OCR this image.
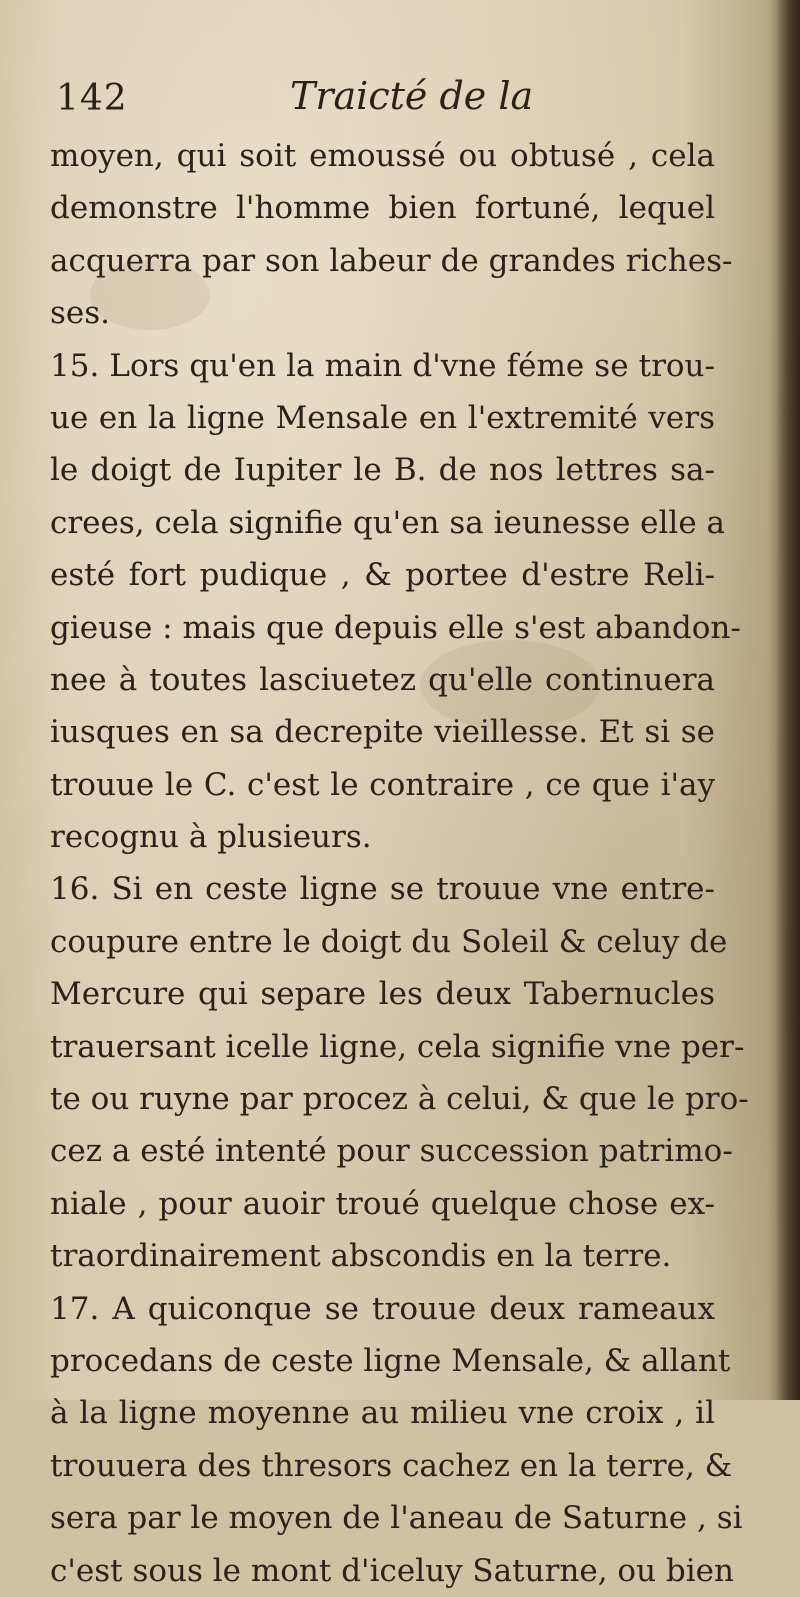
142	Traicté de la
moyen, qui soit emoussé ou obtusé , cela
demonstre l'homme bien fortuné, lequel
acquerra par son labeur de grandes riches-
ses.
15. Lors qu'en la main d'vne féme se trou-
ue en la ligne Mensale en l'extremité vers
le doigt de Iupiter le B. de nos lettres sa-
crees, cela signifie qu'en sa ieunesse elle a
esté fort pudique , & portee d'estre Reli-
gieuse : mais que depuis elle s'est abandon-
nee à toutes lasciuetez qu'elle continuera
iusques en sa decrepite vieillesse. Et si se
trouue le C. c'est le contraire , ce que i'ay
recognu à plusieurs.
16. Si en ceste ligne se trouue vne entre-
coupure entre le doigt du Soleil & celuy de
Mercure qui separe les deux Tabernucles
trauersant icelle ligne, cela signifie vne per-
te ou ruyne par procez à celui, & que le pro-
cez a esté intenté pour succession patrimo-
niale , pour auoir troué quelque chose ex-
traordinairement abscondis en la terre.
17. A quiconque se trouue deux rameaux
procedans de ceste ligne Mensale, & allant
à la ligne moyenne au milieu vne croix , il
trouuera des thresors cachez en la terre, &
sera par le moyen de l'aneau de Saturne , si
c'est sous le mont d'iceluy Saturne, ou bien
